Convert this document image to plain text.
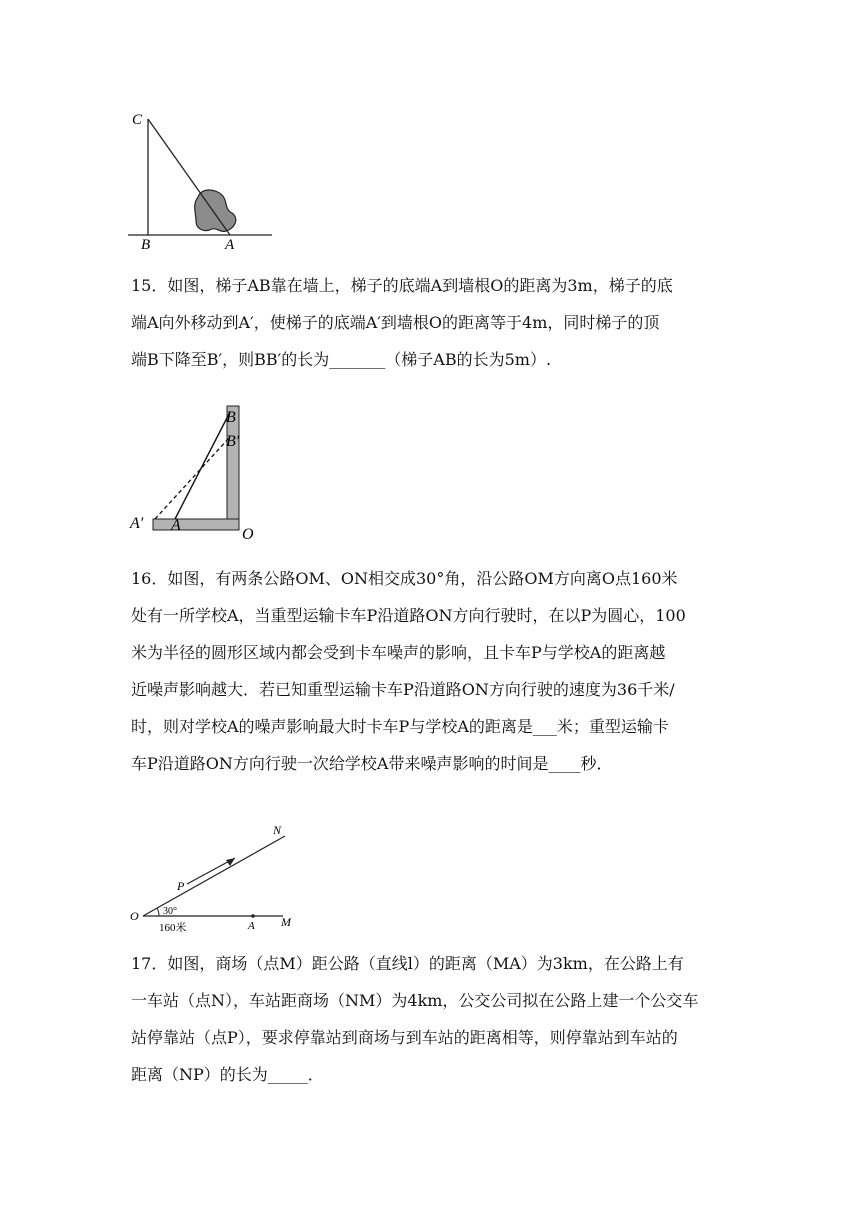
C
B	A
15．如图，梯子AB靠在墙上，梯子的底端A到墙根O的距离为3m，梯子的底
端A向外移动到A′，使梯子的底端A′到墙根O的距离等于4m，同时梯子的顶
端B下降至B′，则BB′的长为_______（梯子AB的长为5m）.
B
B′
A′ A
O
16．如图，有两条公路OM、ON相交成30°角，沿公路OM方向离O点160米
处有一所学校A，当重型运输卡车P沿道路ON方向行驶时，在以P为圆心，100
米为半径的圆形区域内都会受到卡车噪声的影响，且卡车P与学校A的距离越
近噪声影响越大．若已知重型运输卡车P沿道路ON方向行驶的速度为36千米/
时，则对学校A的噪声影响最大时卡车P与学校A的距离是___米；重型运输卡
车P沿道路ON方向行驶一次给学校A带来噪声影响的时间是____秒．
N
P
O 30°
A M
160米
17．如图，商场（点M）距公路（直线l）的距离（MA）为3km，在公路上有
一车站（点N），车站距商场（NM）为4km，公交公司拟在公路上建一个公交车
站停靠站（点P），要求停靠站到商场与到车站的距离相等，则停靠站到车站的
距离（NP）的长为_____．
